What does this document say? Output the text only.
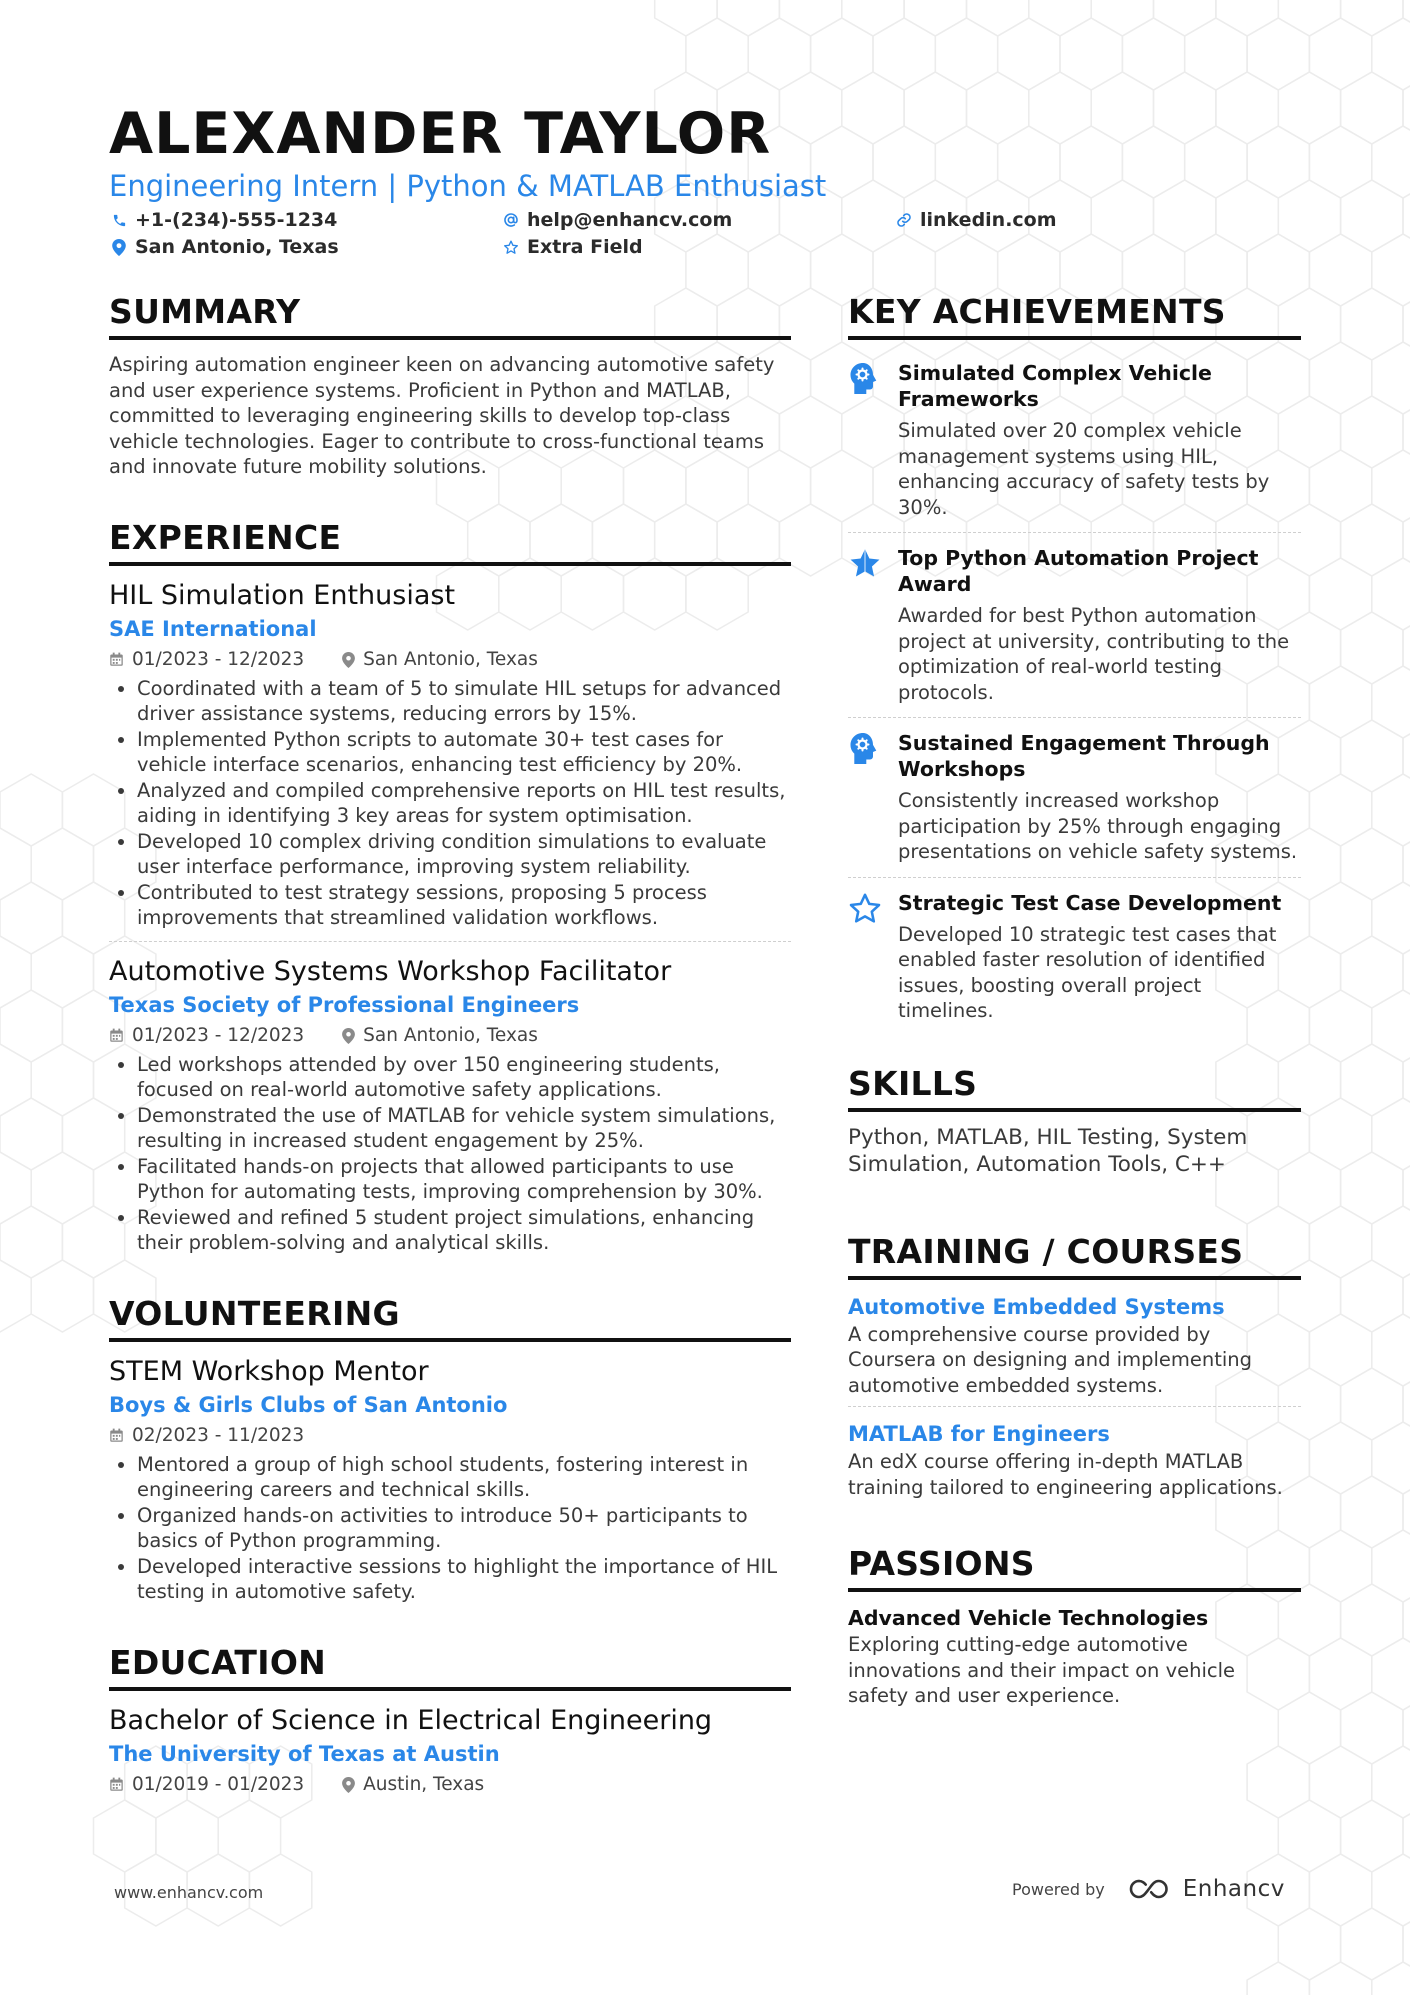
ALEXANDER TAYLOR
Engineering Intern | Python & MATLAB Enthusiast
+1-(234)-555-1234	help@enhancv.com	linkedin.com
San Antonio, Texas	Extra Field
SUMMARY
Aspiring automation engineer keen on advancing automotive safety and user experience systems. Proficient in Python and MATLAB, committed to leveraging engineering skills to develop top-class vehicle technologies. Eager to contribute to cross-functional teams and innovate future mobility solutions.
EXPERIENCE
HIL Simulation Enthusiast
SAE International
01/2023 - 12/2023	San Antonio, Texas
• Coordinated with a team of 5 to simulate HIL setups for advanced driver assistance systems, reducing errors by 15%.
• Implemented Python scripts to automate 30+ test cases for vehicle interface scenarios, enhancing test efficiency by 20%.
• Analyzed and compiled comprehensive reports on HIL test results, aiding in identifying 3 key areas for system optimisation.
• Developed 10 complex driving condition simulations to evaluate user interface performance, improving system reliability.
• Contributed to test strategy sessions, proposing 5 process improvements that streamlined validation workflows.
Automotive Systems Workshop Facilitator
Texas Society of Professional Engineers
01/2023 - 12/2023	San Antonio, Texas
• Led workshops attended by over 150 engineering students, focused on real-world automotive safety applications.
• Demonstrated the use of MATLAB for vehicle system simulations, resulting in increased student engagement by 25%.
• Facilitated hands-on projects that allowed participants to use Python for automating tests, improving comprehension by 30%.
• Reviewed and refined 5 student project simulations, enhancing their problem-solving and analytical skills.
VOLUNTEERING
STEM Workshop Mentor
Boys & Girls Clubs of San Antonio
02/2023 - 11/2023
• Mentored a group of high school students, fostering interest in engineering careers and technical skills.
• Organized hands-on activities to introduce 50+ participants to basics of Python programming.
• Developed interactive sessions to highlight the importance of HIL testing in automotive safety.
EDUCATION
Bachelor of Science in Electrical Engineering
The University of Texas at Austin
01/2019 - 01/2023	Austin, Texas
KEY ACHIEVEMENTS
Simulated Complex Vehicle Frameworks
Simulated over 20 complex vehicle management systems using HIL, enhancing accuracy of safety tests by 30%.
Top Python Automation Project Award
Awarded for best Python automation project at university, contributing to the optimization of real-world testing protocols.
Sustained Engagement Through Workshops
Consistently increased workshop participation by 25% through engaging presentations on vehicle safety systems.
Strategic Test Case Development
Developed 10 strategic test cases that enabled faster resolution of identified issues, boosting overall project timelines.
SKILLS
Python, MATLAB, HIL Testing, System Simulation, Automation Tools, C++
TRAINING / COURSES
Automotive Embedded Systems
A comprehensive course provided by Coursera on designing and implementing automotive embedded systems.
MATLAB for Engineers
An edX course offering in-depth MATLAB training tailored to engineering applications.
PASSIONS
Advanced Vehicle Technologies
Exploring cutting-edge automotive innovations and their impact on vehicle safety and user experience.
www.enhancv.com	Powered by	Enhancv
